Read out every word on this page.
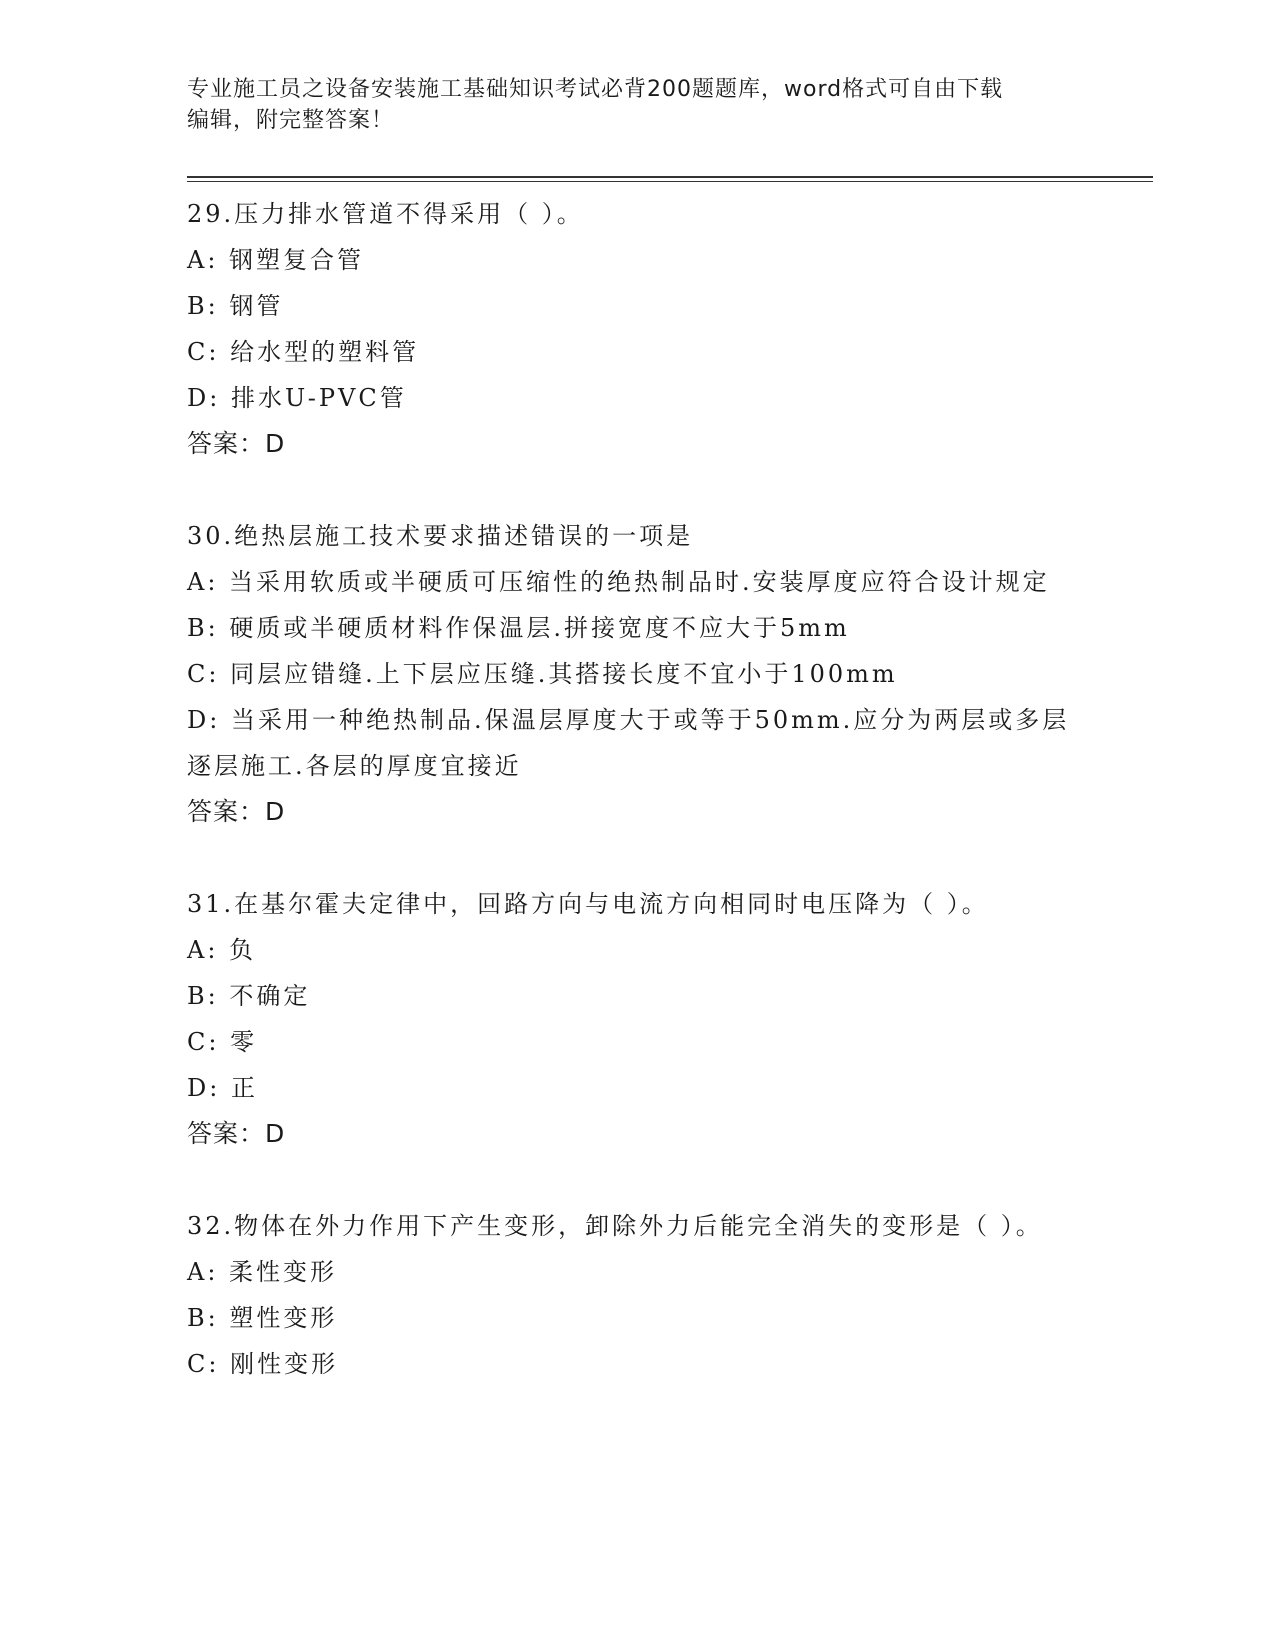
专业施工员之设备安装施工基础知识考试必背200题题库，word格式可自由下载
编辑，附完整答案！
29.压力排水管道不得采用（ ）。
A: 钢塑复合管
B: 钢管
C: 给水型的塑料管
D: 排水U-PVC管
答案：D
30.绝热层施工技术要求描述错误的一项是
A: 当采用软质或半硬质可压缩性的绝热制品时.安装厚度应符合设计规定
B: 硬质或半硬质材料作保温层.拼接宽度不应大于5mm
C: 同层应错缝.上下层应压缝.其搭接长度不宜小于100mm
D: 当采用一种绝热制品.保温层厚度大于或等于50mm.应分为两层或多层逐层施工.各层的厚度宜接近
答案：D
31.在基尔霍夫定律中，回路方向与电流方向相同时电压降为（ ）。
A: 负
B: 不确定
C: 零
D: 正
答案：D
32.物体在外力作用下产生变形，卸除外力后能完全消失的变形是（ ）。
A: 柔性变形
B: 塑性变形
C: 刚性变形
